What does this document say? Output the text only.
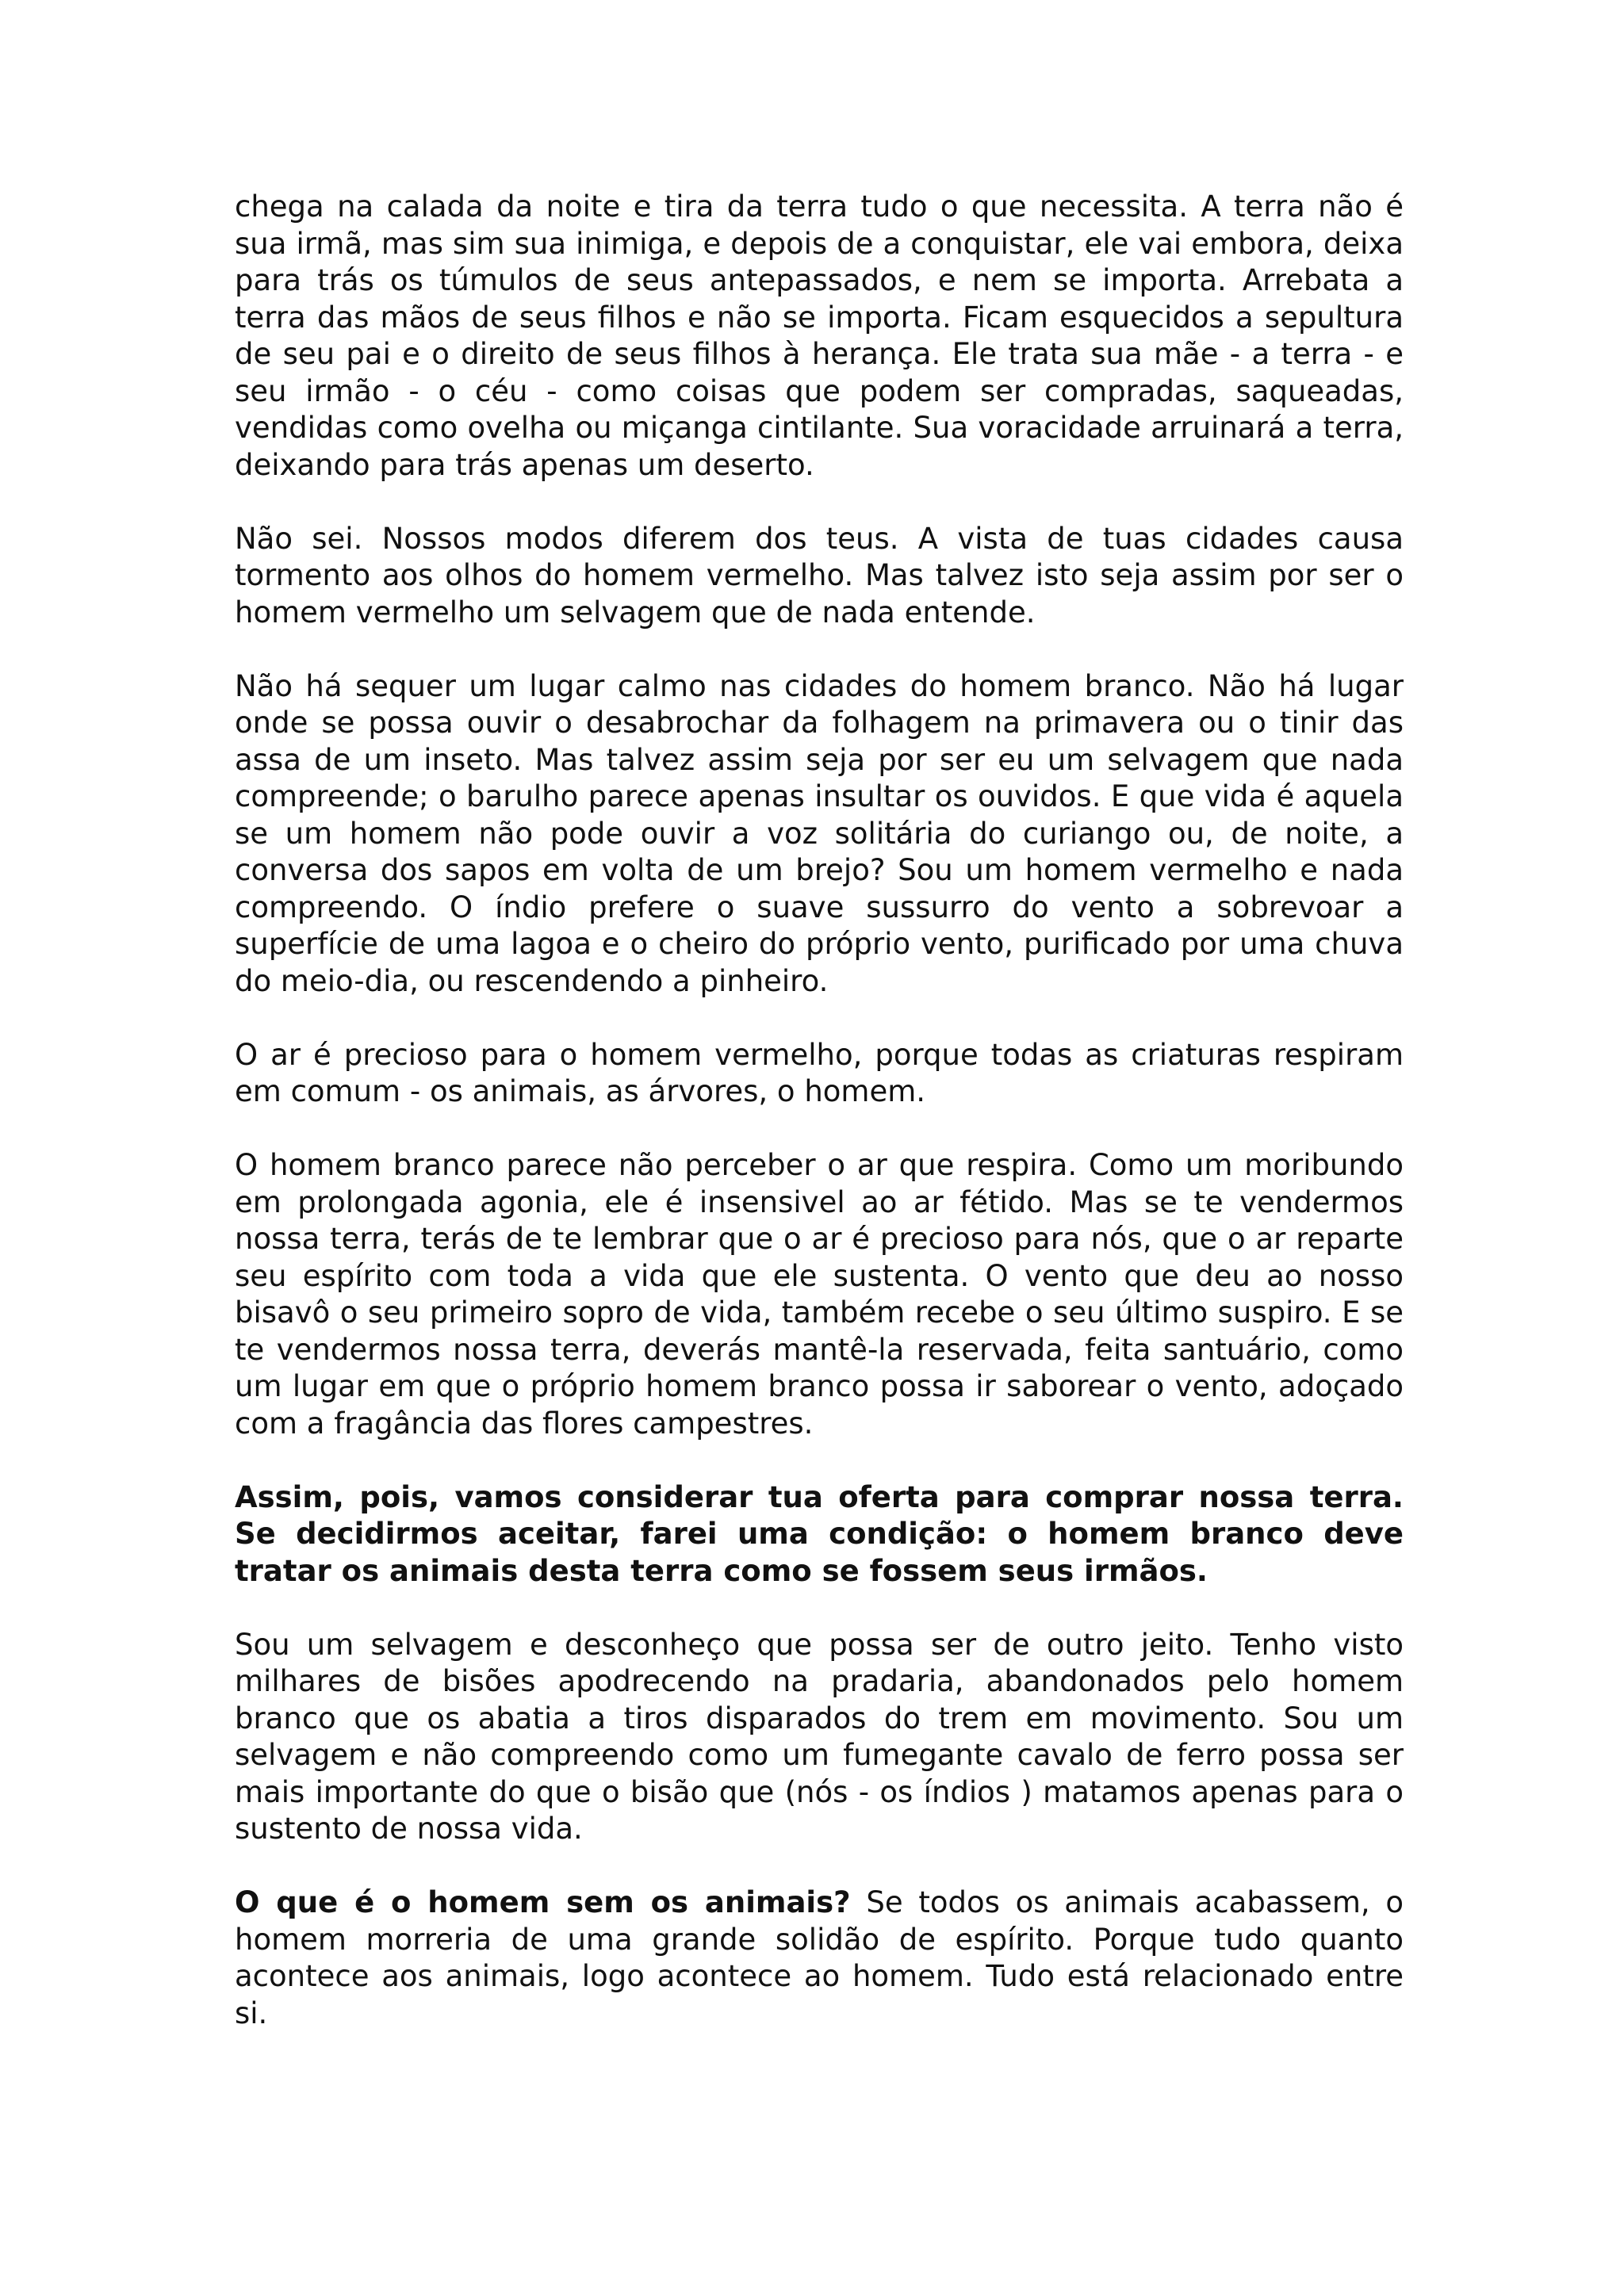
chega na calada da noite e tira da terra tudo o que necessita. A terra não é sua irmã, mas sim sua inimiga, e depois de a conquistar, ele vai embora, deixa para trás os túmulos de seus antepassados, e nem se importa. Arrebata a terra das mãos de seus filhos e não se importa. Ficam esquecidos a sepultura de seu pai e o direito de seus filhos à herança. Ele trata sua mãe - a terra - e seu irmão - o céu - como coisas que podem ser compradas, saqueadas, vendidas como ovelha ou miçanga cintilante. Sua voracidade arruinará a terra, deixando para trás apenas um deserto.

Não sei. Nossos modos diferem dos teus. A vista de tuas cidades causa tormento aos olhos do homem vermelho. Mas talvez isto seja assim por ser o homem vermelho um selvagem que de nada entende.

Não há sequer um lugar calmo nas cidades do homem branco. Não há lugar onde se possa ouvir o desabrochar da folhagem na primavera ou o tinir das assa de um inseto. Mas talvez assim seja por ser eu um selvagem que nada compreende; o barulho parece apenas insultar os ouvidos. E que vida é aquela se um homem não pode ouvir a voz solitária do curiango ou, de noite, a conversa dos sapos em volta de um brejo? Sou um homem vermelho e nada compreendo. O índio prefere o suave sussurro do vento a sobrevoar a superfície de uma lagoa e o cheiro do próprio vento, purificado por uma chuva do meio-dia, ou rescendendo a pinheiro.

O ar é precioso para o homem vermelho, porque todas as criaturas respiram em comum - os animais, as árvores, o homem.

O homem branco parece não perceber o ar que respira. Como um moribundo em prolongada agonia, ele é insensivel ao ar fétido. Mas se te vendermos nossa terra, terás de te lembrar que o ar é precioso para nós, que o ar reparte seu espírito com toda a vida que ele sustenta. O vento que deu ao nosso bisavô o seu primeiro sopro de vida, também recebe o seu último suspiro. E se te vendermos nossa terra, deverás mantê-la reservada, feita santuário, como um lugar em que o próprio homem branco possa ir saborear o vento, adoçado com a fragância das flores campestres.

Assim, pois, vamos considerar tua oferta para comprar nossa terra. Se decidirmos aceitar, farei uma condição: o homem branco deve tratar os animais desta terra como se fossem seus irmãos.

Sou um selvagem e desconheço que possa ser de outro jeito. Tenho visto milhares de bisões apodrecendo na pradaria, abandonados pelo homem branco que os abatia a tiros disparados do trem em movimento. Sou um selvagem e não compreendo como um fumegante cavalo de ferro possa ser mais importante do que o bisão que (nós - os índios ) matamos apenas para o sustento de nossa vida.

O que é o homem sem os animais? Se todos os animais acabassem, o homem morreria de uma grande solidão de espírito. Porque tudo quanto acontece aos animais, logo acontece ao homem. Tudo está relacionado entre si.
